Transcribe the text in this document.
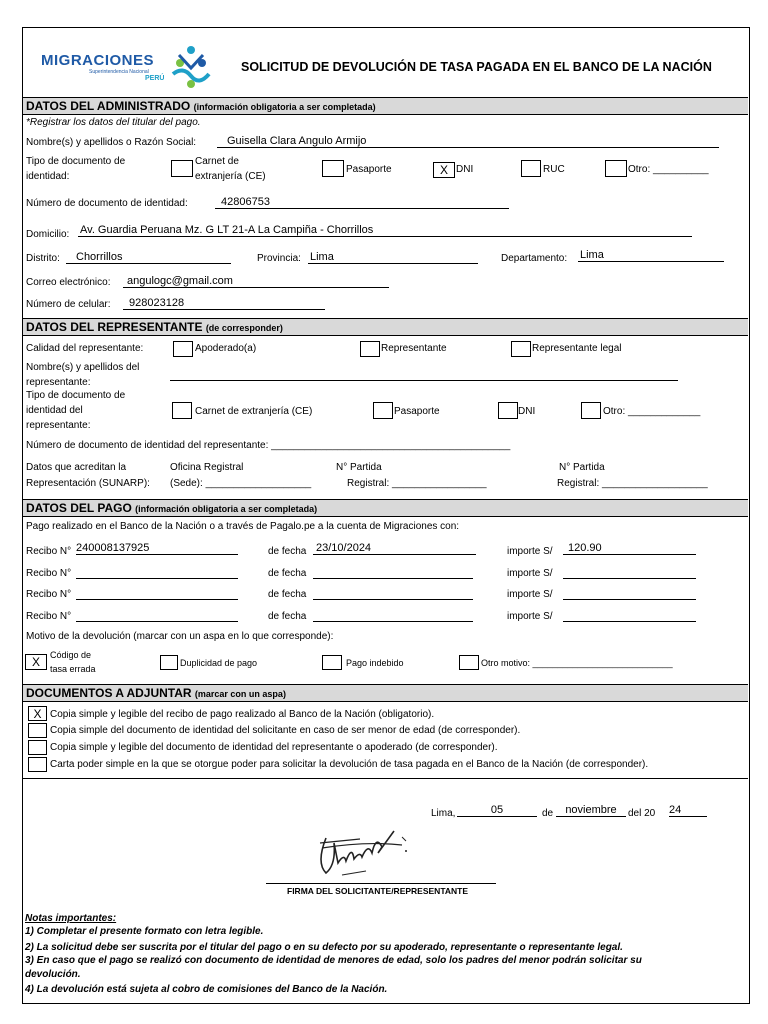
MIGRACIONES
Superintendencia Nacional
PERÚ
SOLICITUD DE DEVOLUCIÓN DE TASA PAGADA EN EL BANCO DE LA NACIÓN
DATOS DEL ADMINISTRADO (información obligatoria a ser completada)
*Registrar los datos del titular del pago.
Nombre(s) y apellidos o Razón Social:	Guisella Clara Angulo Armijo
Tipo de documento de
identidad:
Carnet de
extranjería (CE)
Pasaporte	X DNI	RUC	Otro: __________
Número de documento de identidad:	42806753
Domicilio: Av. Guardia Peruana Mz. G LT 21-A La Campiña - Chorrillos
Distrito:	Chorrillos	Provincia: Lima	Departamento: Lima
Correo electrónico:	angulogc@gmail.com
Número de celular:	928023128
DATOS DEL REPRESENTANTE (de corresponder)
Calidad del representante:	Apoderado(a)	Representante	Representante legal
Nombre(s) y apellidos del
representante:
Tipo de documento de
identidad del
representante:
Carnet de extranjería (CE)	Pasaporte	DNI	Otro: _____________
Número de documento de identidad del representante: ___________________________________________
Datos que acreditan la
Representación (SUNARP):
Oficina Registral
(Sede): ___________________
N° Partida
Registral: _________________
N° Partida
Registral: ___________________
DATOS DEL PAGO (información obligatoria a ser completada)
Pago realizado en el Banco de la Nación o a través de Pagalo.pe a la cuenta de Migraciones con:
Recibo N° 240008137925	de fecha 23/10/2024	importe S/	120.90
Recibo N°	de fecha	importe S/
Recibo N°	de fecha	importe S/
Recibo N°	de fecha	importe S/
Motivo de la devolución (marcar con un aspa en lo que corresponde):
X	Código de
tasa errada
Duplicidad de pago	Pago indebido	Otro motivo: ____________________________
DOCUMENTOS A ADJUNTAR (marcar con un aspa)
X Copia simple y legible del recibo de pago realizado al Banco de la Nación (obligatorio).
Copia simple del documento de identidad del solicitante en caso de ser menor de edad (de corresponder).
Copia simple y legible del documento de identidad del representante o apoderado (de corresponder).
Carta poder simple en la que se otorgue poder para solicitar la devolución de tasa pagada en el Banco de la Nación (de corresponder).
Lima,	05	de	noviembre	del 20 24
FIRMA DEL SOLICITANTE/REPRESENTANTE
Notas importantes:
1) Completar el presente formato con letra legible.
2) La solicitud debe ser suscrita por el titular del pago o en su defecto por su apoderado, representante o representante legal.
3) En caso que el pago se realizó con documento de identidad de menores de edad, solo los padres del menor podrán solicitar su
devolución.
4) La devolución está sujeta al cobro de comisiones del Banco de la Nación.
